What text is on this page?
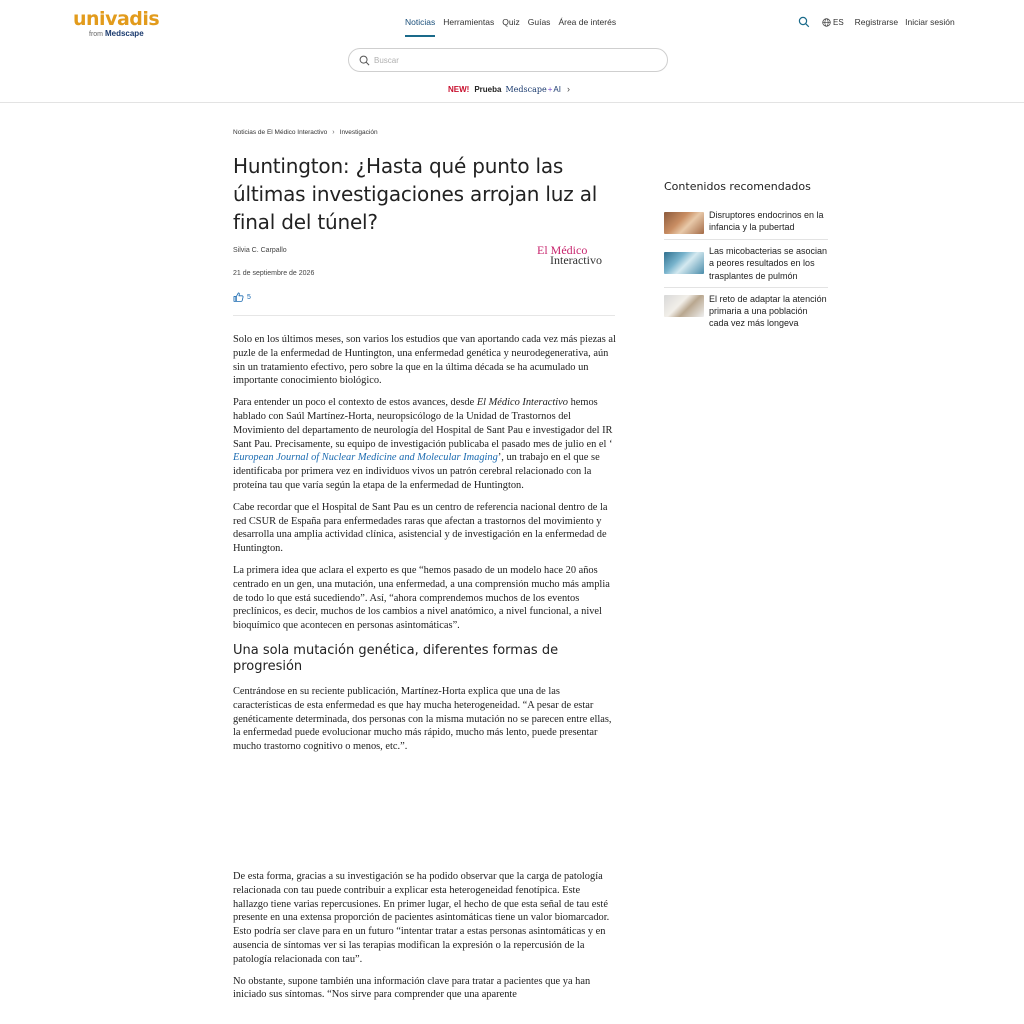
univadis
from Medscape
Noticias Herramientas Quiz Guías Área de interés	ES Registrarse Iniciar sesión
Buscar
NEW! Prueba Medscape + AI ›
Noticias de El Médico Interactivo › Investigación
Huntington: ¿Hasta qué punto las últimas investigaciones arrojan luz al final del túnel?
Silvia C. Carpallo
21 de septiembre de 2026
El Médico
Interactivo
5

Solo en los últimos meses, son varios los estudios que van aportando cada vez más piezas al puzle de la enfermedad de Huntington, una enfermedad genética y neurodegenerativa, aún sin un tratamiento efectivo, pero sobre la que en la última década se ha acumulado un importante conocimiento biológico.

Para entender un poco el contexto de estos avances, desde El Médico Interactivo hemos hablado con Saúl Martínez-Horta, neuropsicólogo de la Unidad de Trastornos del Movimiento del departamento de neurología del Hospital de Sant Pau e investigador del IR Sant Pau. Precisamente, su equipo de investigación publicaba el pasado mes de julio en el ‘ European Journal of Nuclear Medicine and Molecular Imaging’, un trabajo en el que se identificaba por primera vez en individuos vivos un patrón cerebral relacionado con la proteína tau que varía según la etapa de la enfermedad de Huntington.

Cabe recordar que el Hospital de Sant Pau es un centro de referencia nacional dentro de la red CSUR de España para enfermedades raras que afectan a trastornos del movimiento y desarrolla una amplia actividad clínica, asistencial y de investigación en la enfermedad de Huntington.

La primera idea que aclara el experto es que “hemos pasado de un modelo hace 20 años centrado en un gen, una mutación, una enfermedad, a una comprensión mucho más amplia de todo lo que está sucediendo”. Así, “ahora comprendemos muchos de los eventos preclínicos, es decir, muchos de los cambios a nivel anatómico, a nivel funcional, a nivel bioquímico que acontecen en personas asintomáticas”.

Una sola mutación genética, diferentes formas de progresión

Centrándose en su reciente publicación, Martínez-Horta explica que una de las características de esta enfermedad es que hay mucha heterogeneidad. “A pesar de estar genéticamente determinada, dos personas con la misma mutación no se parecen entre ellas, la enfermedad puede evolucionar mucho más rápido, mucho más lento, puede presentar mucho trastorno cognitivo o menos, etc.”.

De esta forma, gracias a su investigación se ha podido observar que la carga de patología relacionada con tau puede contribuir a explicar esta heterogeneidad fenotípica. Este hallazgo tiene varias repercusiones. En primer lugar, el hecho de que esta señal de tau esté presente en una extensa proporción de pacientes asintomáticas tiene un valor biomarcador. Esto podría ser clave para en un futuro “intentar tratar a estas personas asintomáticas y en ausencia de síntomas ver si las terapias modifican la expresión o la repercusión de la patología relacionada con tau”.

No obstante, supone también una información clave para tratar a pacientes que ya han iniciado sus síntomas. “Nos sirve para comprender que una aparente

Contenidos recomendados
Disruptores endocrinos en la infancia y la pubertad
Las micobacterias se asocian a peores resultados en los trasplantes de pulmón
El reto de adaptar la atención primaria a una población cada vez más longeva
